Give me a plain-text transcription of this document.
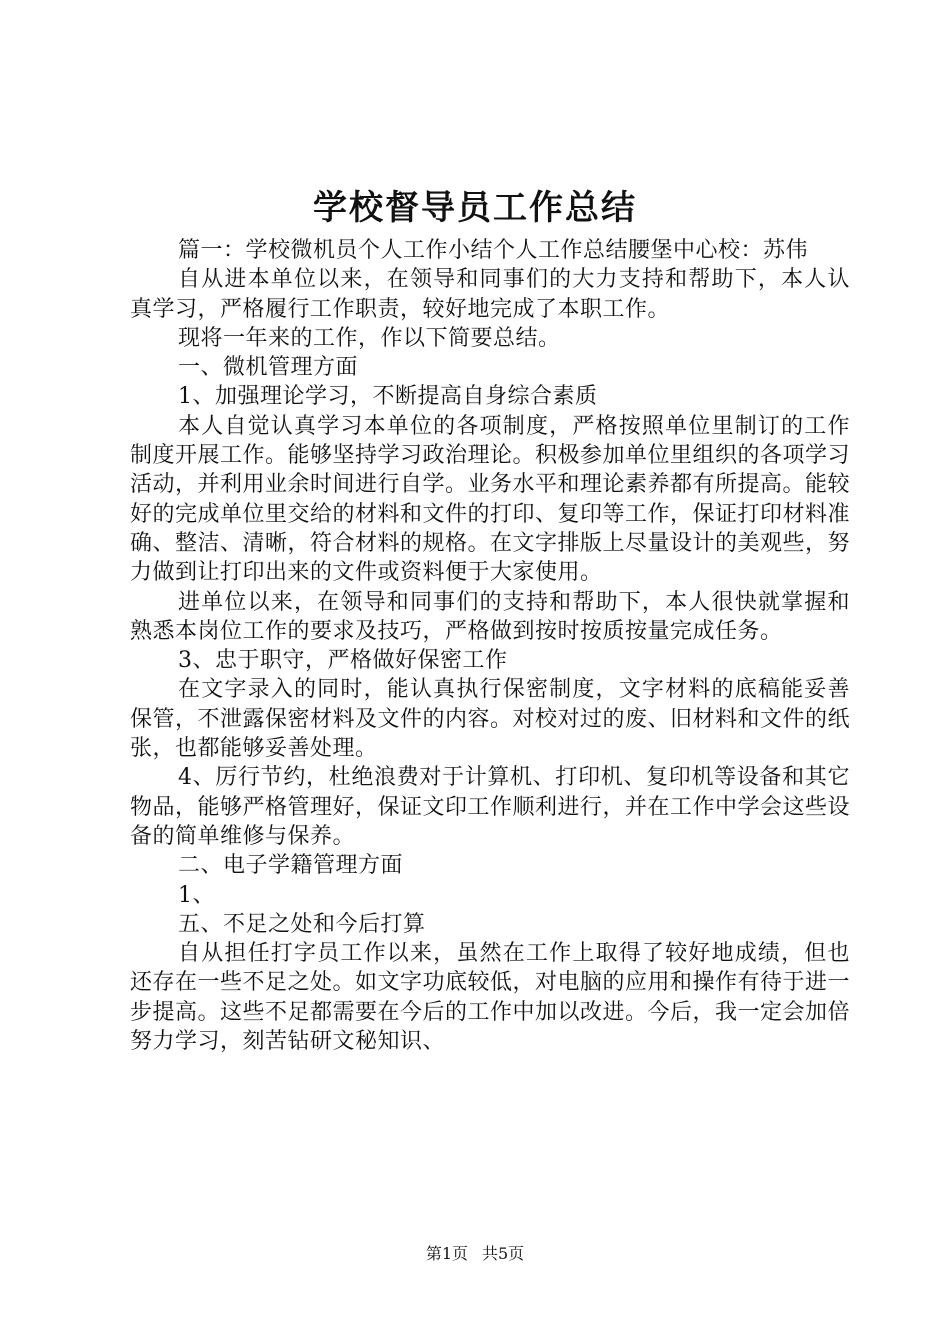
学校督导员工作总结

篇一：学校微机员个人工作小结个人工作总结腰堡中心校：苏伟

自从进本单位以来，在领导和同事们的大力支持和帮助下，本人认真学习，严格履行工作职责，较好地完成了本职工作。

现将一年来的工作，作以下简要总结。

一、微机管理方面

1、加强理论学习，不断提高自身综合素质

本人自觉认真学习本单位的各项制度，严格按照单位里制订的工作制度开展工作。能够坚持学习政治理论。积极参加单位里组织的各项学习活动，并利用业余时间进行自学。业务水平和理论素养都有所提高。能较好的完成单位里交给的材料和文件的打印、复印等工作，保证打印材料准确、整洁、清晰，符合材料的规格。在文字排版上尽量设计的美观些，努力做到让打印出来的文件或资料便于大家使用。

进单位以来，在领导和同事们的支持和帮助下，本人很快就掌握和熟悉本岗位工作的要求及技巧，严格做到按时按质按量完成任务。

3、忠于职守，严格做好保密工作

在文字录入的同时，能认真执行保密制度，文字材料的底稿能妥善保管，不泄露保密材料及文件的内容。对校对过的废、旧材料和文件的纸张，也都能够妥善处理。

4、厉行节约，杜绝浪费对于计算机、打印机、复印机等设备和其它物品，能够严格管理好，保证文印工作顺利进行，并在工作中学会这些设备的简单维修与保养。

二、电子学籍管理方面

1、

五、不足之处和今后打算

自从担任打字员工作以来，虽然在工作上取得了较好地成绩，但也还存在一些不足之处。如文字功底较低，对电脑的应用和操作有待于进一步提高。这些不足都需要在今后的工作中加以改进。今后，我一定会加倍努力学习，刻苦钻研文秘知识、

第1页 共5页
